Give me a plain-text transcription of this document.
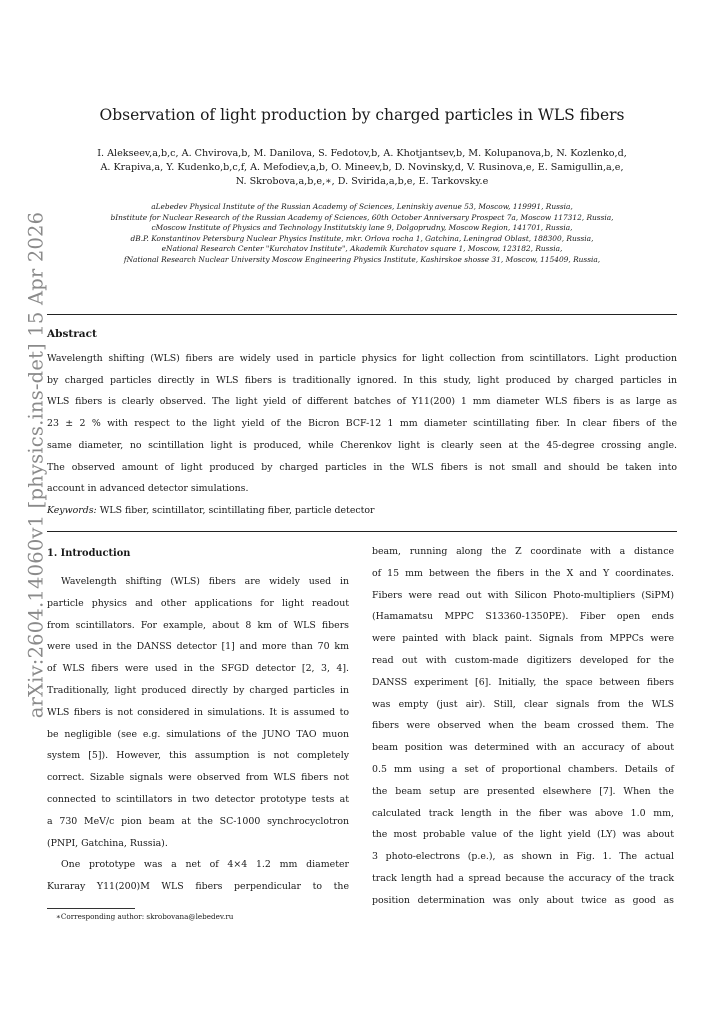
arXiv:2604.14060v1 [physics.ins-det] 15 Apr 2026
Observation of light production by charged particles in WLS fibers
I. Alekseev,a,b,c, A. Chvirova,b, M. Danilova, S. Fedotov,b, A. Khotjantsev,b, M. Kolupanova,b, N. Kozlenko,d,
A. Krapiva,a, Y. Kudenko,b,c,f, A. Mefodiev,a,b, O. Mineev,b, D. Novinsky,d, V. Rusinova,e, E. Samigullin,a,e,
N. Skrobova,a,b,e,∗, D. Svirida,a,b,e, E. Tarkovsky.e
aLebedev Physical Institute of the Russian Academy of Sciences, Leninskiy avenue 53, Moscow, 119991, Russia,
bInstitute for Nuclear Research of the Russian Academy of Sciences, 60th October Anniversary Prospect 7a, Moscow 117312, Russia,
cMoscow Institute of Physics and Technology Institutskiy lane 9, Dolgoprudny, Moscow Region, 141701, Russia,
dB.P. Konstantinov Petersburg Nuclear Physics Institute, mkr. Orlova rocha 1, Gatchina, Leningrad Oblast, 188300, Russia,
eNational Research Center "Kurchatov Institute", Akademik Kurchatov square 1, Moscow, 123182, Russia,
fNational Research Nuclear University Moscow Engineering Physics Institute, Kashirskoe shosse 31, Moscow, 115409, Russia,
Abstract
Wavelength shifting (WLS) fibers are widely used in particle physics for light collection from scintillators. Light production
by charged particles directly in WLS fibers is traditionally ignored. In this study, light produced by charged particles in
WLS fibers is clearly observed. The light yield of different batches of Y11(200) 1 mm diameter WLS fibers is as large as
23 ± 2 % with respect to the light yield of the Bicron BCF-12 1 mm diameter scintillating fiber. In clear fibers of the
same diameter, no scintillation light is produced, while Cherenkov light is clearly seen at the 45-degree crossing angle.
The observed amount of light produced by charged particles in the WLS fibers is not small and should be taken into
account in advanced detector simulations.
Keywords: WLS fiber, scintillator, scintillating fiber, particle detector
1. Introduction
Wavelength shifting (WLS) fibers are widely used in
particle physics and other applications for light readout
from scintillators. For example, about 8 km of WLS fibers
were used in the DANSS detector [1] and more than 70 km
of WLS fibers were used in the SFGD detector [2, 3, 4].
Traditionally, light produced directly by charged particles in
WLS fibers is not considered in simulations. It is assumed to
be negligible (see e.g. simulations of the JUNO TAO muon
system [5]). However, this assumption is not completely
correct. Sizable signals were observed from WLS fibers not
connected to scintillators in two detector prototype tests at
a 730 MeV/c pion beam at the SC-1000 synchrocyclotron
(PNPI, Gatchina, Russia).
One prototype was a net of 4×4 1.2 mm diameter
Kuraray Y11(200)M WLS fibers perpendicular to the
beam, running along the Z coordinate with a distance
of 15 mm between the fibers in the X and Y coordinates.
Fibers were read out with Silicon Photo-multipliers (SiPM)
(Hamamatsu MPPC S13360-1350PE). Fiber open ends
were painted with black paint. Signals from MPPCs were
read out with custom-made digitizers developed for the
DANSS experiment [6]. Initially, the space between fibers
was empty (just air). Still, clear signals from the WLS
fibers were observed when the beam crossed them. The
beam position was determined with an accuracy of about
0.5 mm using a set of proportional chambers. Details of
the beam setup are presented elsewhere [7]. When the
calculated track length in the fiber was above 1.0 mm,
the most probable value of the light yield (LY) was about
3 photo-electrons (p.e.), as shown in Fig. 1. The actual
track length had a spread because the accuracy of the track
position determination was only about twice as good as
∗Corresponding author: skrobovana@lebedev.ru
